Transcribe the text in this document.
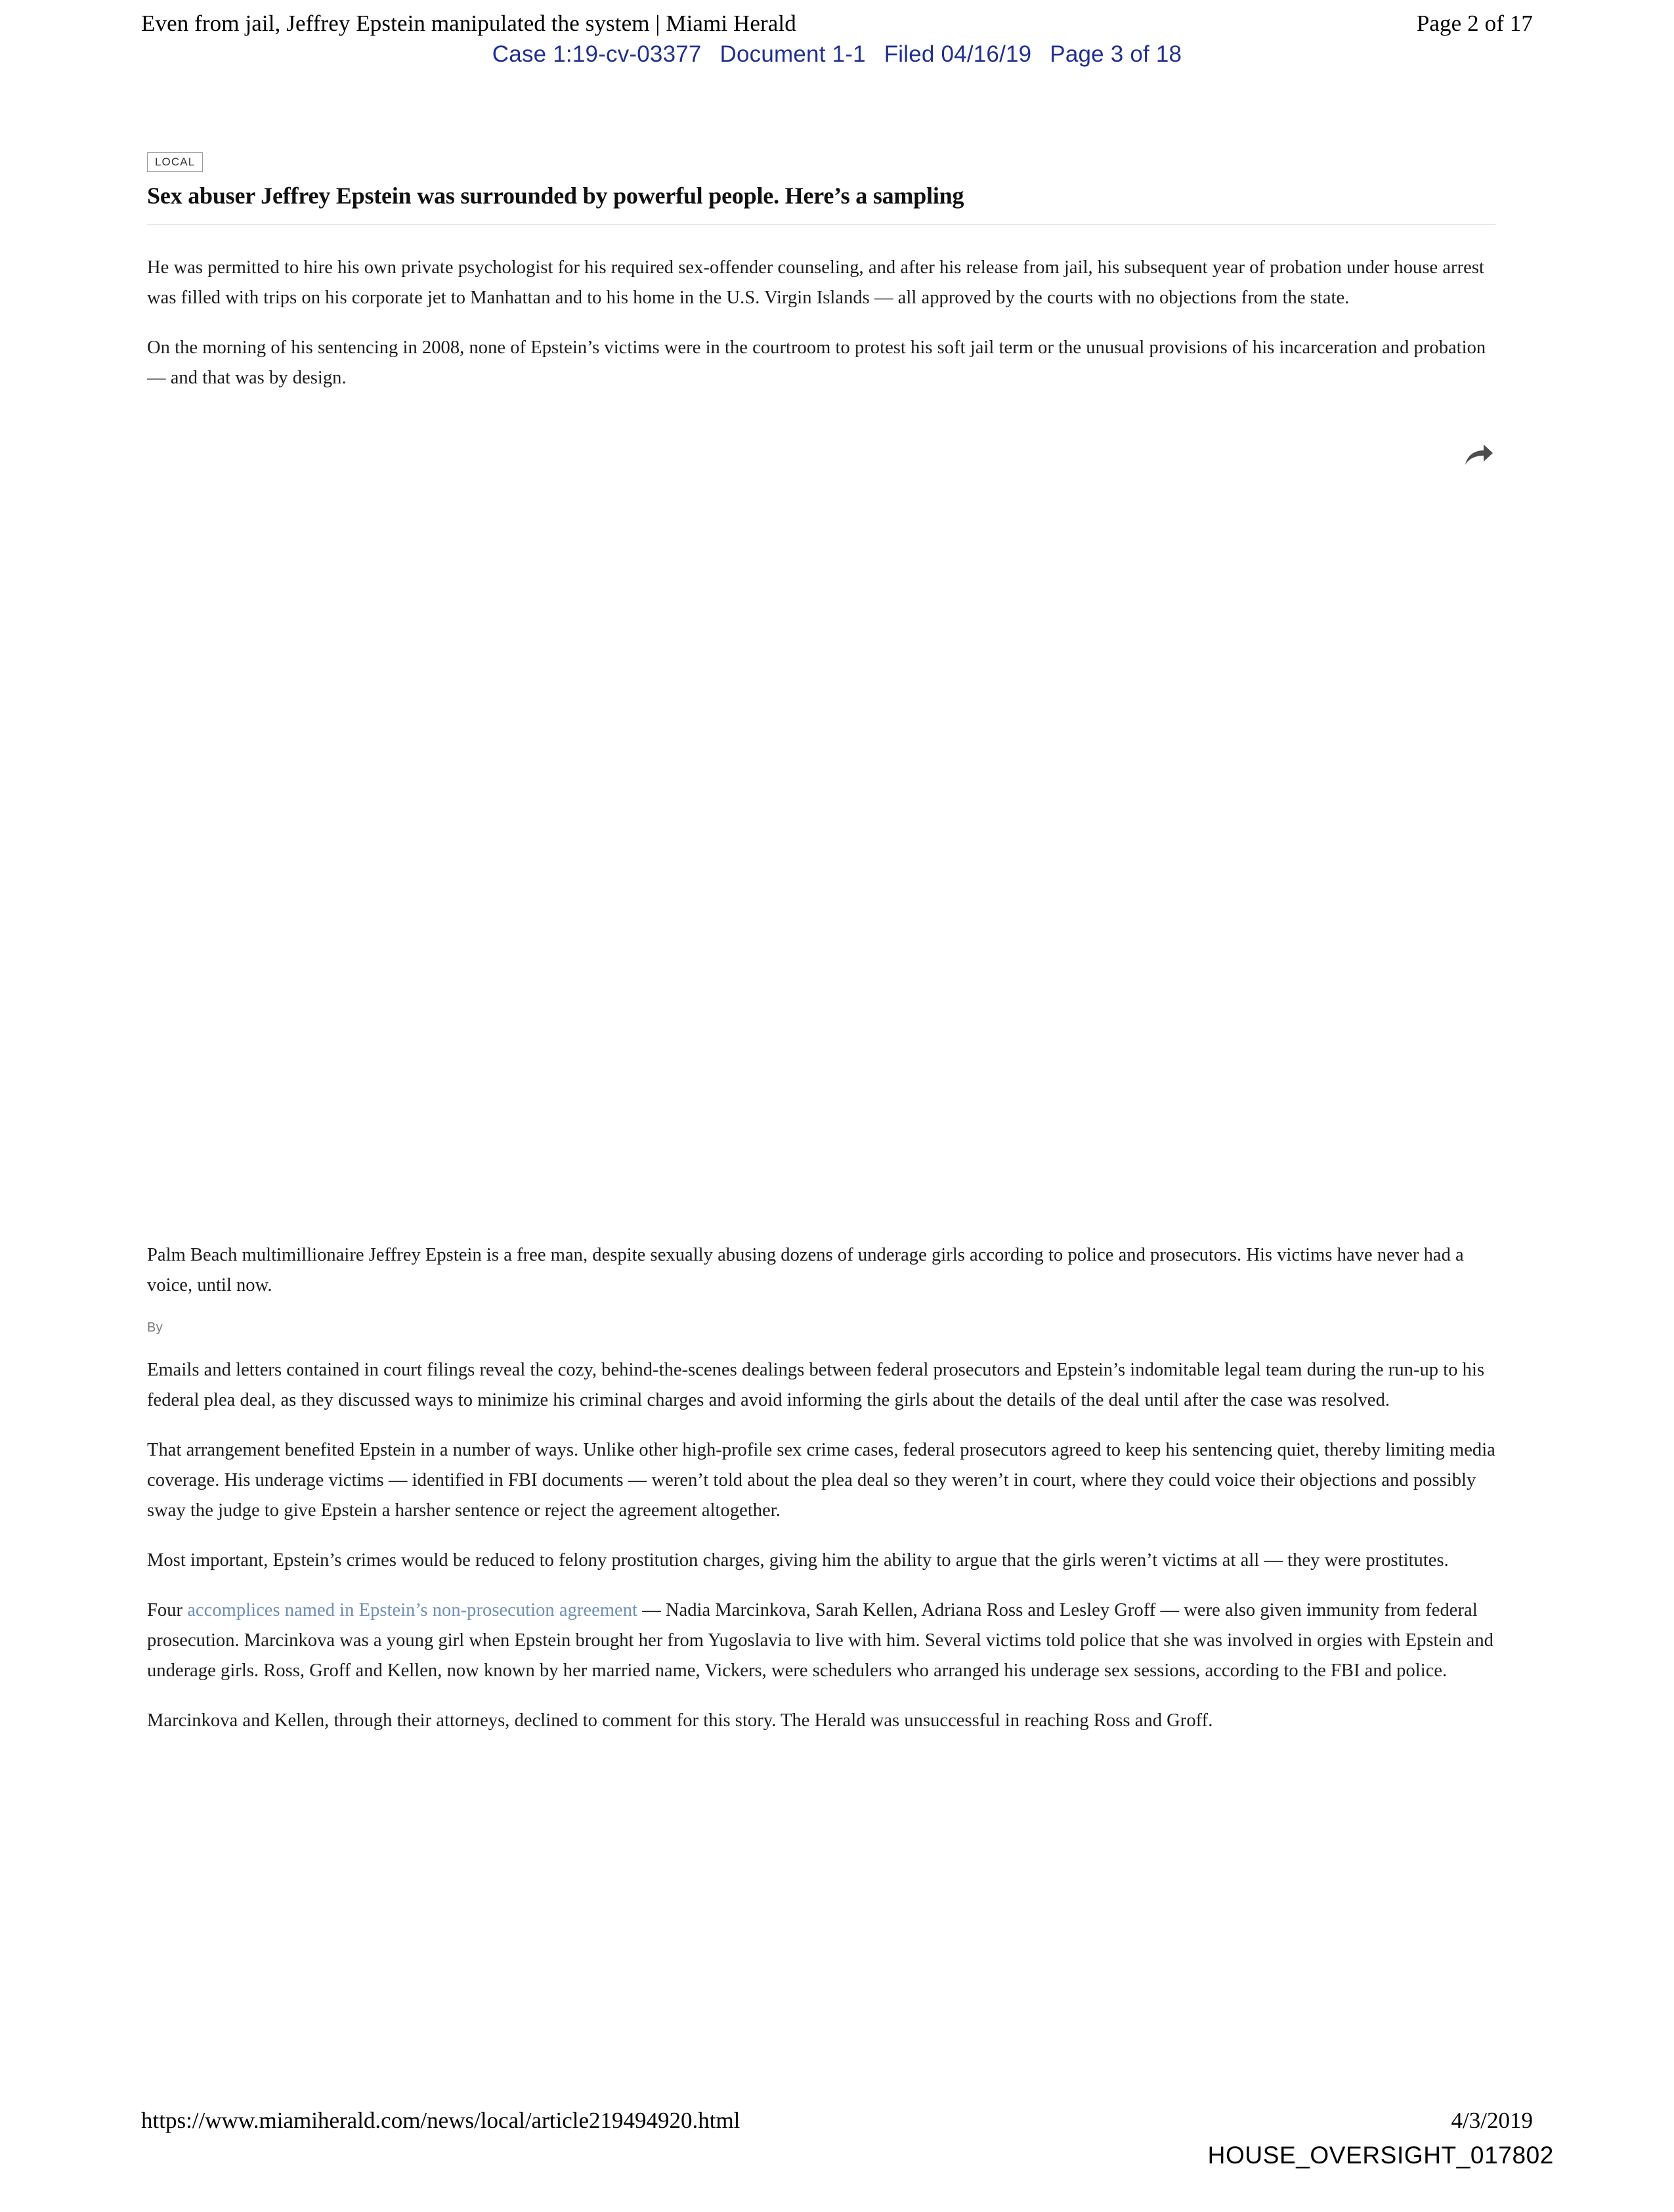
Even from jail, Jeffrey Epstein manipulated the system | Miami Herald	Page 2 of 17
Case 1:19-cv-03377 Document 1-1 Filed 04/16/19 Page 3 of 18
LOCAL
Sex abuser Jeffrey Epstein was surrounded by powerful people. Here’s a sampling

He was permitted to hire his own private psychologist for his required sex-offender counseling, and after his release from jail, his subsequent year of probation under house arrest was filled with trips on his corporate jet to Manhattan and to his home in the U.S. Virgin Islands — all approved by the courts with no objections from the state.

On the morning of his sentencing in 2008, none of Epstein’s victims were in the courtroom to protest his soft jail term or the unusual provisions of his incarceration and probation — and that was by design.

Palm Beach multimillionaire Jeffrey Epstein is a free man, despite sexually abusing dozens of underage girls according to police and prosecutors. His victims have never had a voice, until now.

By

Emails and letters contained in court filings reveal the cozy, behind-the-scenes dealings between federal prosecutors and Epstein’s indomitable legal team during the run-up to his federal plea deal, as they discussed ways to minimize his criminal charges and avoid informing the girls about the details of the deal until after the case was resolved.

That arrangement benefited Epstein in a number of ways. Unlike other high-profile sex crime cases, federal prosecutors agreed to keep his sentencing quiet, thereby limiting media coverage. His underage victims — identified in FBI documents — weren’t told about the plea deal so they weren’t in court, where they could voice their objections and possibly sway the judge to give Epstein a harsher sentence or reject the agreement altogether.

Most important, Epstein’s crimes would be reduced to felony prostitution charges, giving him the ability to argue that the girls weren’t victims at all — they were prostitutes.

Four accomplices named in Epstein’s non-prosecution agreement — Nadia Marcinkova, Sarah Kellen, Adriana Ross and Lesley Groff — were also given immunity from federal prosecution. Marcinkova was a young girl when Epstein brought her from Yugoslavia to live with him. Several victims told police that she was involved in orgies with Epstein and underage girls. Ross, Groff and Kellen, now known by her married name, Vickers, were schedulers who arranged his underage sex sessions, according to the FBI and police.

Marcinkova and Kellen, through their attorneys, declined to comment for this story. The Herald was unsuccessful in reaching Ross and Groff.

https://www.miamiherald.com/news/local/article219494920.html	4/3/2019
HOUSE_OVERSIGHT_017802
